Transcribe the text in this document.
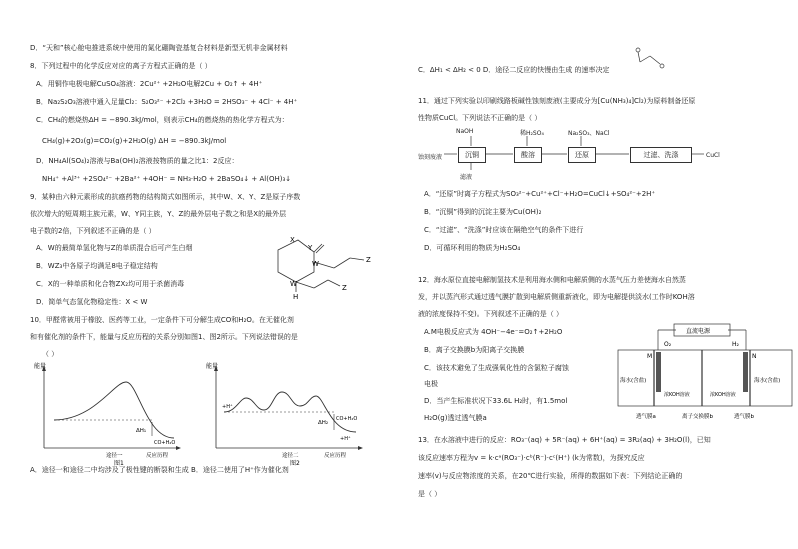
D．“天和”核心舱电推进系统中使用的氮化硼陶瓷基复合材料是新型无机非金属材料
8．下列过程中的化学反应对应的离子方程式正确的是（ ）
A．用铜作电极电解CuSO₄溶液：2Cu²⁺ +2H₂O电解2Cu + O₂↑ + 4H⁺
B．Na₂S₂O₃溶液中通入足量Cl₂：S₂O₃²⁻ +2Cl₂ +3H₂O = 2HSO₃⁻ + 4Cl⁻ + 4H⁺
C．CH₄的燃烧热ΔH = −890.3kJ/mol，则表示CH₄的燃烧热的热化学方程式为：
CH₄(g)+2O₂(g)=CO₂(g)+2H₂O(g) ΔH = −890.3kJ/mol
D．NH₄Al(SO₄)₂溶液与Ba(OH)₂溶液按物质的量之比1：2反应：
NH₄⁺ +Al³⁺ +2SO₄²⁻ +2Ba²⁺ +4OH⁻ = NH₃·H₂O + 2BaSO₄↓ + Al(OH)₃↓
9．某种由六种元素形成的抗癌药物的结构简式如图所示，其中W、X、Y、Z是原子序数
依次增大的短周期主族元素，W、Y同主族，Y、Z的最外层电子数之和是X的最外层
电子数的2倍，下列叙述不正确的是（ ）
A．W的最简单氢化物与Z的单质混合后可产生白烟
B．WZ₃中各原子均满足8电子稳定结构
C．X的一种单质和化合物ZX₂均可用于杀菌消毒
D．简单气态氢化物稳定性：X < W
10．甲醛常被用于橡胶、医药等工业，一定条件下可分解生成CO和H₂O。在无催化剂
和有催化剂的条件下，能量与反应历程的关系分别如图1、图2所示。下列说法错误的是
（ ）
A．途径一和途径二中均涉及了极性键的断裂和生成 B．途径二使用了H⁺作为催化剂
X
Y
W
W
H
Z
Z
能量
ΔH₁
CO+H₂O
途径一	反应历程
图1
能量
+H⁺
ΔH₂
CO+H₂O
+H⁺
途径二	反应历程
图2
C．ΔH₁ < ΔH₂ < 0 D．途径二反应的快慢由生成 的速率决定
11．通过下列实验以印刷线路板碱性蚀刻废液(主要成分为[Cu(NH₃)₄]Cl₂)为原料制备还原
性物质CuCl。下列说法不正确的是（ ）
A．“还原”时离子方程式为SO₃²⁻+Cu²⁺+Cl⁻+H₂O=CuCl↓+SO₄²⁻+2H⁺
B．“沉铜”得到的沉淀主要为Cu(OH)₂
C．“过滤”、“洗涤”时应该在隔绝空气的条件下进行
D．可循环利用的物质为H₂SO₄
12．海水原位直接电解制氢技术是利用海水侧和电解质侧的水蒸气压力差使海水自然蒸
发，并以蒸汽形式通过透气膜扩散到电解质侧重新液化，即为电解提供淡水(工作时KOH溶
液的浓度保持不变)。下列叙述不正确的是（ ）
A.M电极反应式为 4OH⁻−4e⁻=O₂↑+2H₂O
B．离子交换膜b为阳离子交换膜
C．该技术避免了生成强氧化性的含氯粒子腐蚀
电极
D．当产生标准状况下33.6L H₂时，有1.5mol
H₂O(g)透过透气膜a
13．在水溶液中进行的反应：RO₃⁻(aq) + 5R⁻(aq) + 6H⁺(aq) = 3R₂(aq) + 3H₂O(l)，已知
该反应速率方程为v = k·cᵃ(RO₃⁻)·cᵇ(R⁻)·cᶜ(H⁺) (k为常数)，为探究反应
速率(v)与反应物浓度的关系，在20℃进行实验，所得的数据如下表：下列结论正确的
是（ ）
NaOH	稀H₂SO₄	Na₂SO₃、NaCl
蚀刻废液	沉铜	酸溶	还原	过滤、洗涤	CuCl
滤液
直流电源
M	N
O₂	H₂
海水(含盐)
浓KOH溶液	浓KOH溶液
海水(含盐)
透气膜a	离子交换膜b	透气膜b
